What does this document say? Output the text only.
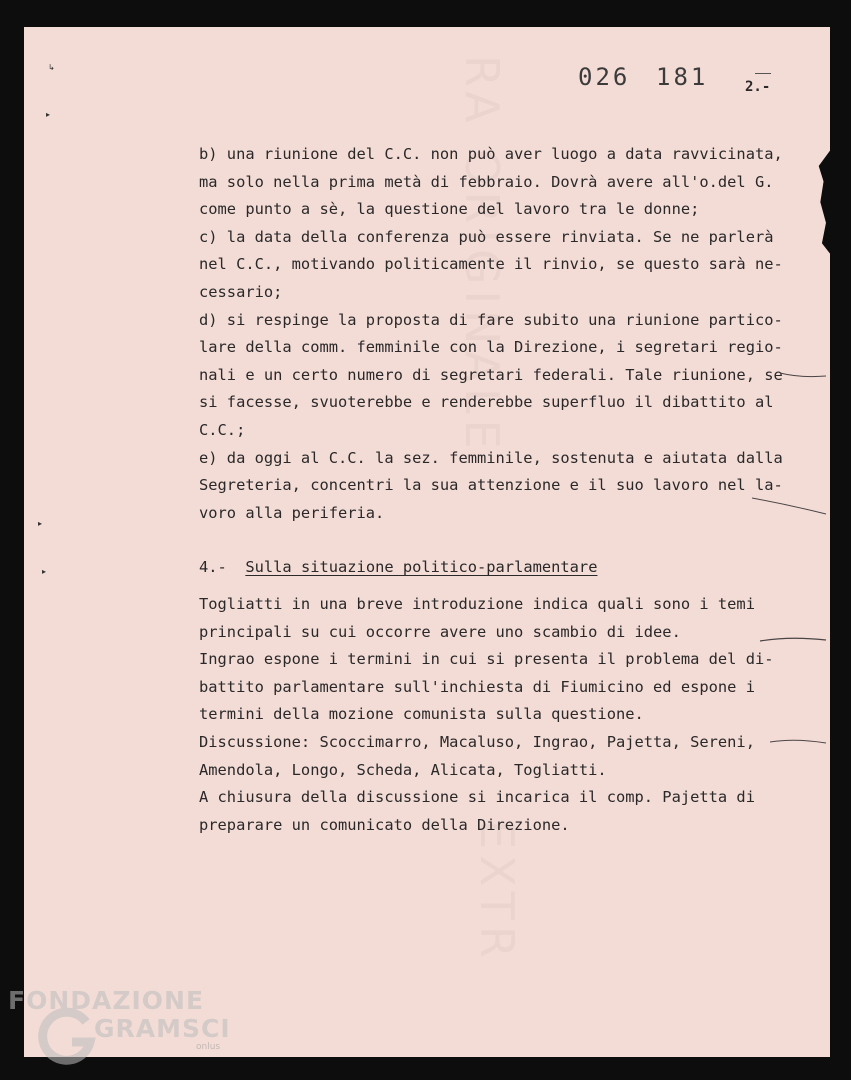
RA ORIGINALE
EXTR
026 181	2.-
↳
▸
▸
▸
b) una riunione del C.C. non può aver luogo a data ravvicinata,
ma solo nella prima metà di febbraio. Dovrà avere all'o.del G.
come punto a sè, la questione del lavoro tra le donne;
c) la data della conferenza può essere rinviata. Se ne parlerà
nel C.C., motivando politicamente il rinvio, se questo sarà ne-
cessario;
d) si respinge la proposta di fare subito una riunione partico-
lare della comm. femminile con la Direzione, i segretari regio-
nali e un certo numero di segretari federali. Tale riunione, se
si facesse, svuoterebbe e renderebbe superfluo il dibattito al
C.C.;
e) da oggi al C.C. la sez. femminile, sostenuta e aiutata dalla
Segreteria, concentri la sua attenzione e il suo lavoro nel la-
voro alla periferia.
4.- Sulla situazione politico-parlamentare
Togliatti in una breve introduzione indica quali sono i temi
principali su cui occorre avere uno scambio di idee.
Ingrao espone i termini in cui si presenta il problema del di-
battito parlamentare sull'inchiesta di Fiumicino ed espone i
termini della mozione comunista sulla questione.
Discussione: Scoccimarro, Macaluso, Ingrao, Pajetta, Sereni,
Amendola, Longo, Scheda, Alicata, Togliatti.
A chiusura della discussione si incarica il comp. Pajetta di
preparare un comunicato della Direzione.
FONDAZIONE
GRAMSCI
onlus
